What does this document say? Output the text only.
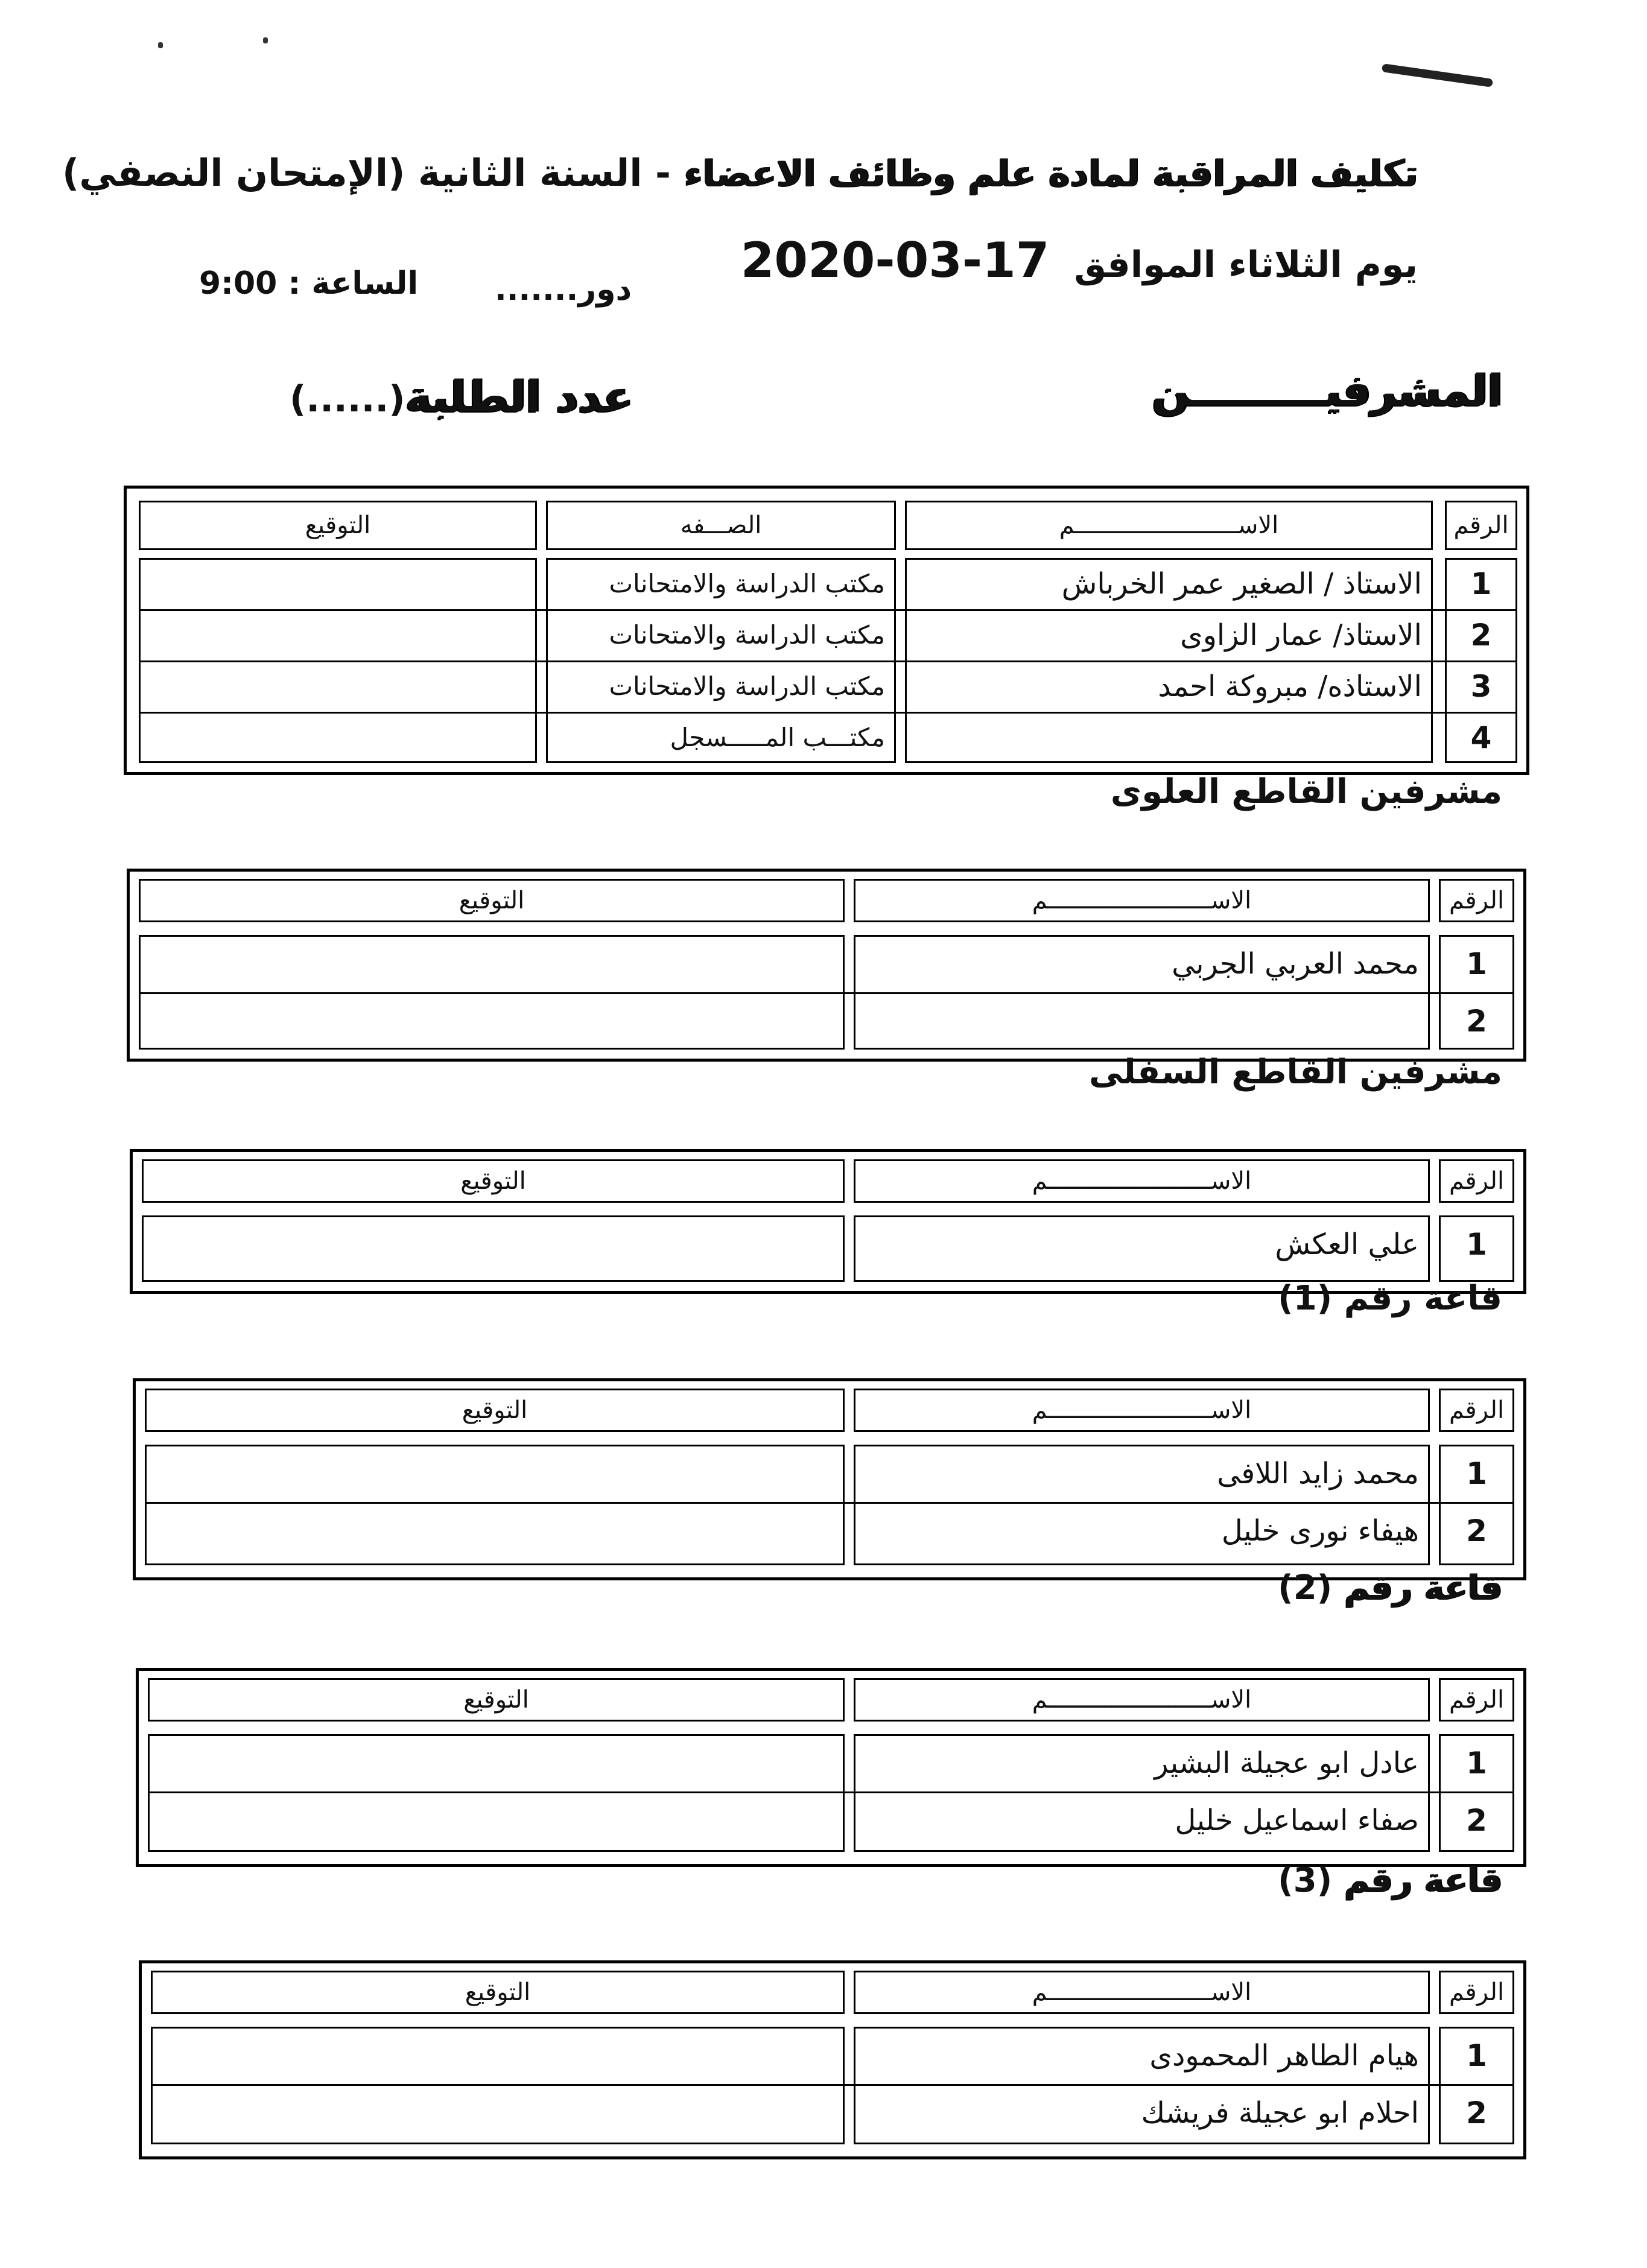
تكليف المراقبة لمادة علم وظائف الاعضاء - السنة الثانية (الإمتحان النصفي)
يوم الثلاثاء الموافق 2020-03-17
دور.......
الساعة : 9:00
المشرفيـــــــــن
عدد الطلبة(......)
الرقم
الاســـــــــــــــــــــــم
الصـــفه
التوقيع
1
الاستاذ / الصغير عمر الخرباش
مكتب الدراسة والامتحانات
2
الاستاذ/ عمار الزاوى
مكتب الدراسة والامتحانات
3
الاستاذه/ مبروكة احمد
مكتب الدراسة والامتحانات
4
مكتـــب المـــــسجل
مشرفين القاطع العلوى
الرقم
الاســـــــــــــــــــــــم
التوقيع
1
محمد العربي الجربي
2
مشرفين القاطع السفلى
الرقم
الاســـــــــــــــــــــــم
التوقيع
1
علي العكش
قاعة رقم (1)
الرقم
الاســـــــــــــــــــــــم
التوقيع
1
محمد زايد اللافى
2
هيفاء نورى خليل
قاعة رقم (2)
الرقم
الاســـــــــــــــــــــــم
التوقيع
1
عادل ابو عجيلة البشير
2
صفاء اسماعيل خليل
قاعة رقم (3)
الرقم
الاســـــــــــــــــــــــم
التوقيع
1
هيام الطاهر المحمودى
2
احلام ابو عجيلة فريشك
